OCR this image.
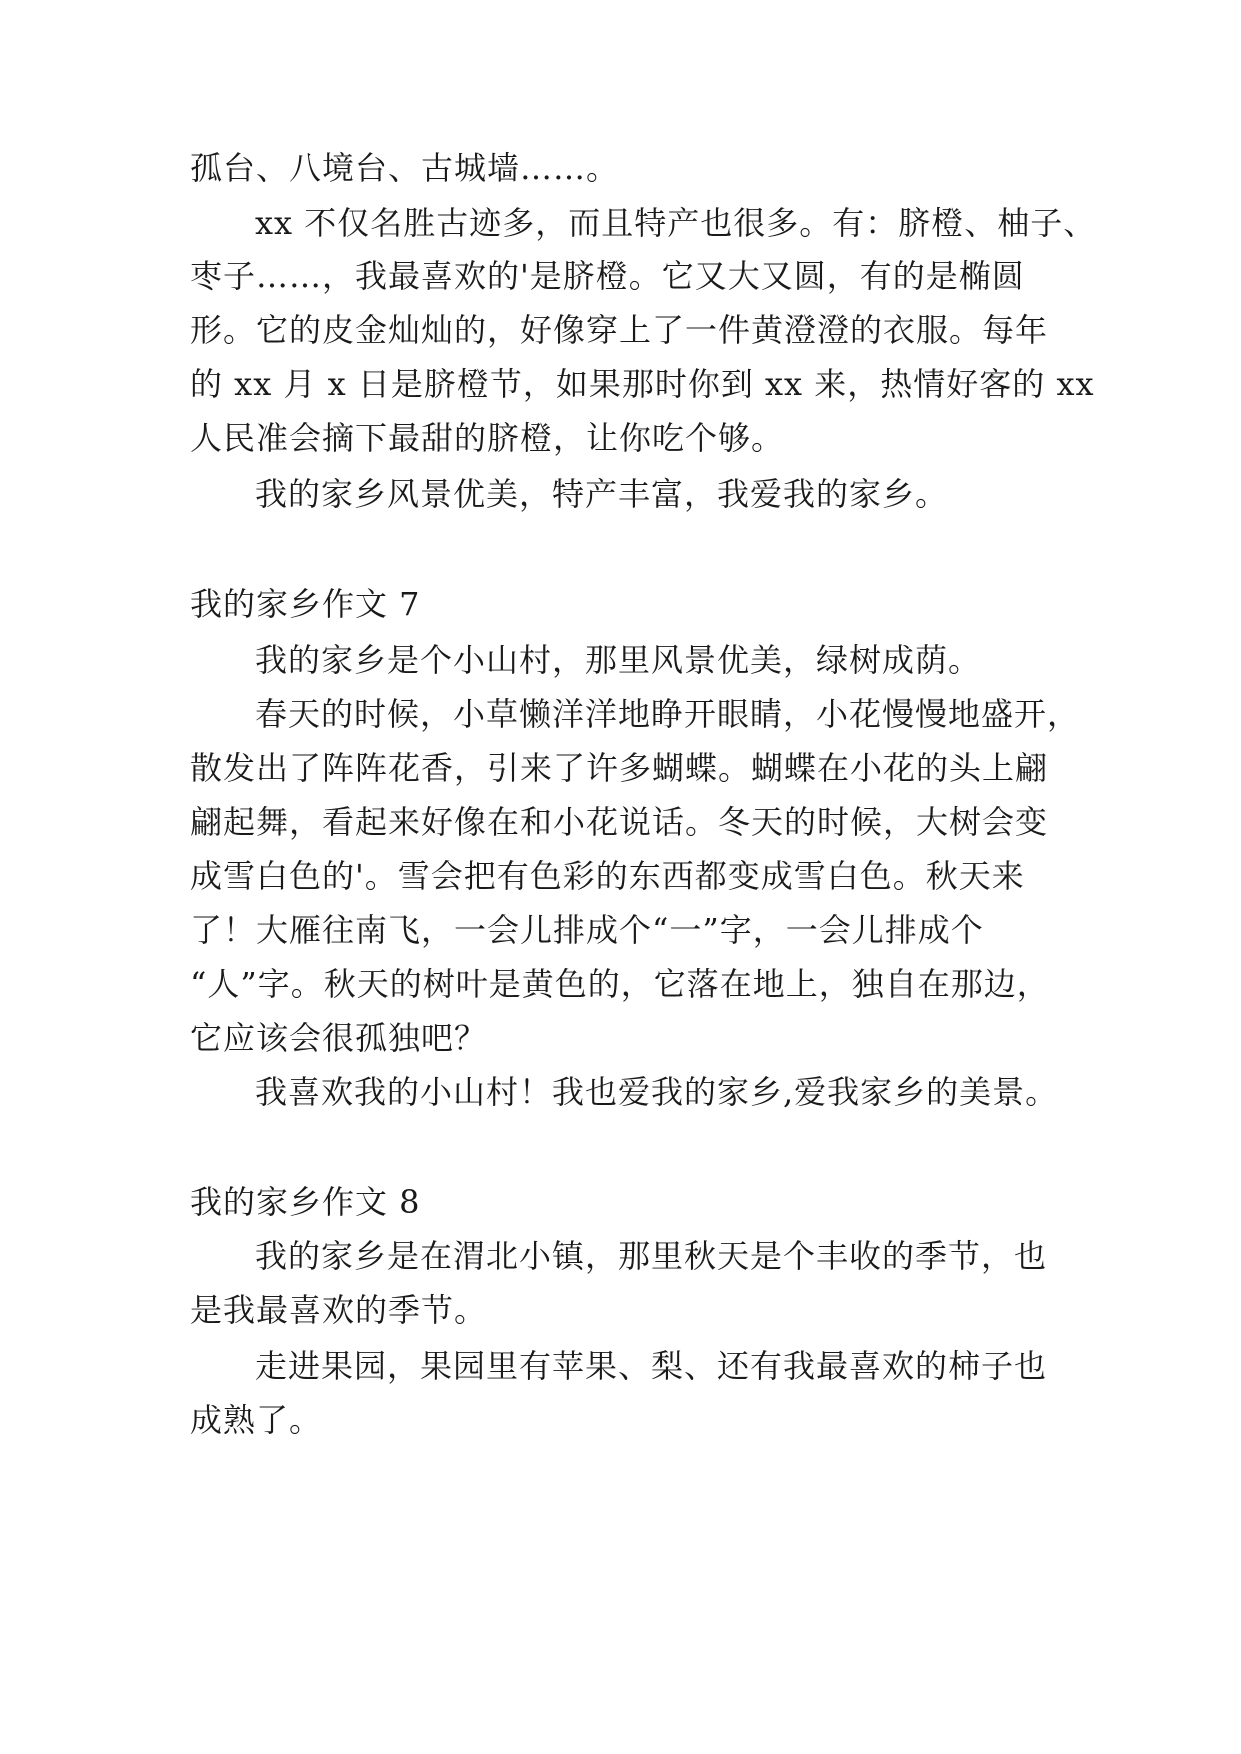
孤台、八境台、古城墙……。
xx 不仅名胜古迹多，而且特产也很多。有：脐橙、柚子、
枣子……，我最喜欢的'是脐橙。它又大又圆，有的是椭圆
形。它的皮金灿灿的，好像穿上了一件黄澄澄的衣服。每年
的 xx 月 x 日是脐橙节，如果那时你到 xx 来，热情好客的 xx
人民准会摘下最甜的脐橙，让你吃个够。
我的家乡风景优美，特产丰富，我爱我的家乡。
我的家乡作文 7
我的家乡是个小山村，那里风景优美，绿树成荫。
春天的时候，小草懒洋洋地睁开眼睛，小花慢慢地盛开，
散发出了阵阵花香，引来了许多蝴蝶。蝴蝶在小花的头上翩
翩起舞，看起来好像在和小花说话。冬天的时候，大树会变
成雪白色的'。雪会把有色彩的东西都变成雪白色。秋天来
了！大雁往南飞，一会儿排成个“一”字，一会儿排成个
“人”字。秋天的树叶是黄色的，它落在地上，独自在那边，
它应该会很孤独吧？
我喜欢我的小山村！我也爱我的家乡,爱我家乡的美景。
我的家乡作文 8
我的家乡是在渭北小镇，那里秋天是个丰收的季节，也
是我最喜欢的季节。
走进果园，果园里有苹果、梨、还有我最喜欢的柿子也
成熟了。
